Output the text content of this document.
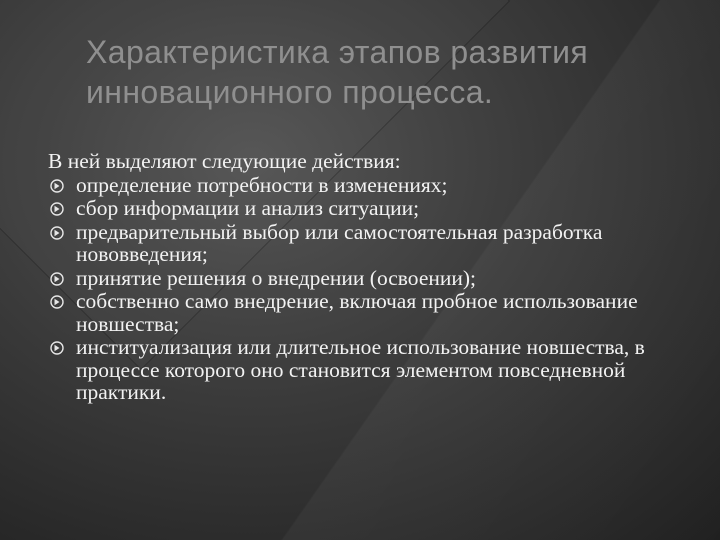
Характеристика этапов развития
инновационного процесса.

В ней выделяют следующие действия:

определение потребности в изменениях;
сбор информации и анализ ситуации;
предварительный выбор или самостоятельная разработка нововведения;
принятие решения о внедрении (освоении);
собственно само внедрение, включая пробное использование новшества;
институализация или длительное использование новшества, в процессе которого оно становится элементом повседневной практики.
